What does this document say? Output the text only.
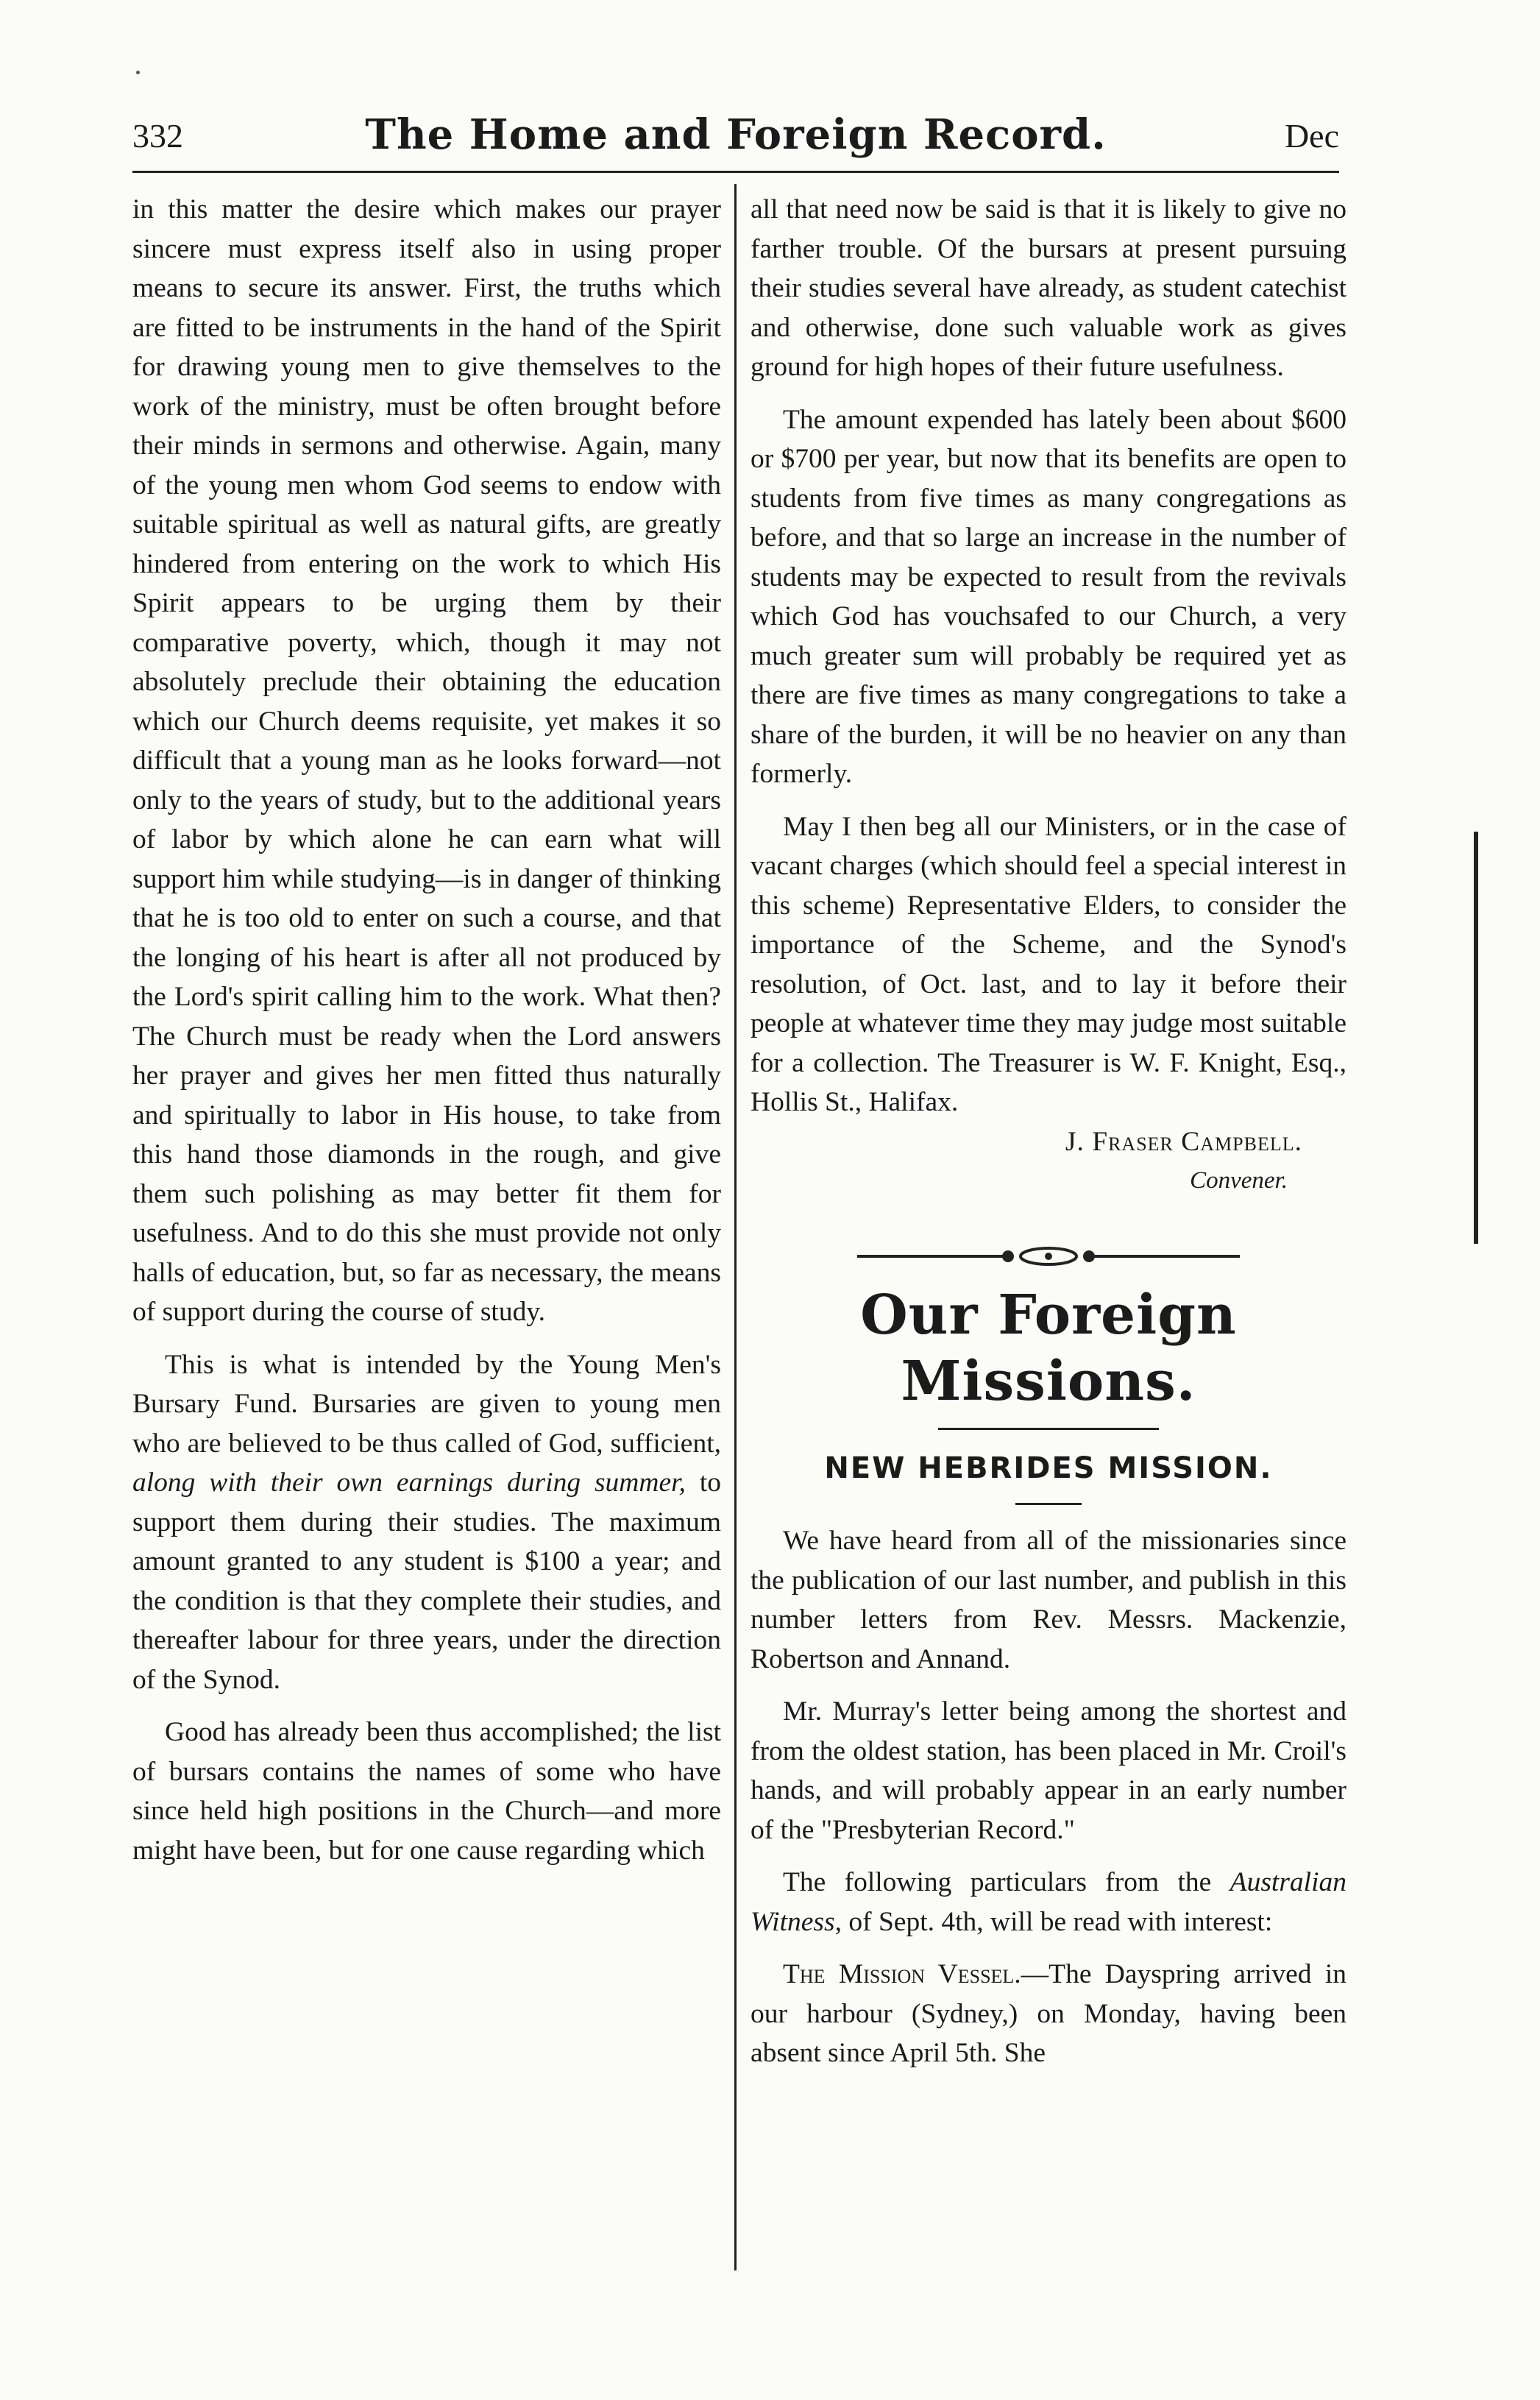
332	The Home and Foreign Record.	Dec

in this matter the desire which makes our prayer sincere must express itself also in using proper means to secure its answer. First, the truths which are fitted to be instruments in the hand of the Spirit for drawing young men to give themselves to the work of the ministry, must be often brought before their minds in sermons and otherwise. Again, many of the young men whom God seems to endow with suitable spiritual as well as natural gifts, are greatly hindered from entering on the work to which His Spirit appears to be urging them by their comparative poverty, which, though it may not absolutely preclude their obtaining the education which our Church deems requisite, yet makes it so difficult that a young man as he looks forward—not only to the years of study, but to the additional years of labor by which alone he can earn what will support him while studying—is in danger of thinking that he is too old to enter on such a course, and that the longing of his heart is after all not produced by the Lord's spirit calling him to the work. What then? The Church must be ready when the Lord answers her prayer and gives her men fitted thus naturally and spiritually to labor in His house, to take from this hand those diamonds in the rough, and give them such polishing as may better fit them for usefulness. And to do this she must provide not only halls of education, but, so far as necessary, the means of support during the course of study.

This is what is intended by the Young Men's Bursary Fund. Bursaries are given to young men who are believed to be thus called of God, sufficient, along with their own earnings during summer, to support them during their studies. The maximum amount granted to any student is $100 a year; and the condition is that they complete their studies, and thereafter labour for three years, under the direction of the Synod.

Good has already been thus accomplished; the list of bursars contains the names of some who have since held high positions in the Church—and more might have been, but for one cause regarding which

all that need now be said is that it is likely to give no farther trouble. Of the bursars at present pursuing their studies several have already, as student catechist and otherwise, done such valuable work as gives ground for high hopes of their future usefulness.

The amount expended has lately been about $600 or $700 per year, but now that its benefits are open to students from five times as many congregations as before, and that so large an increase in the number of students may be expected to result from the revivals which God has vouchsafed to our Church, a very much greater sum will probably be required yet as there are five times as many congregations to take a share of the burden, it will be no heavier on any than formerly.

May I then beg all our Ministers, or in the case of vacant charges (which should feel a special interest in this scheme) Representative Elders, to consider the importance of the Scheme, and the Synod's resolution, of Oct. last, and to lay it before their people at whatever time they may judge most suitable for a collection. The Treasurer is W. F. Knight, Esq., Hollis St., Halifax.

J. Fraser Campbell.

Convener.

Our Foreign Missions.

NEW HEBRIDES MISSION.

We have heard from all of the missionaries since the publication of our last number, and publish in this number letters from Rev. Messrs. Mackenzie, Robertson and Annand.

Mr. Murray's letter being among the shortest and from the oldest station, has been placed in Mr. Croil's hands, and will probably appear in an early number of the "Presbyterian Record."

The following particulars from the Australian Witness, of Sept. 4th, will be read with interest:

The Mission Vessel.—The Dayspring arrived in our harbour (Sydney,) on Monday, having been absent since April 5th. She
